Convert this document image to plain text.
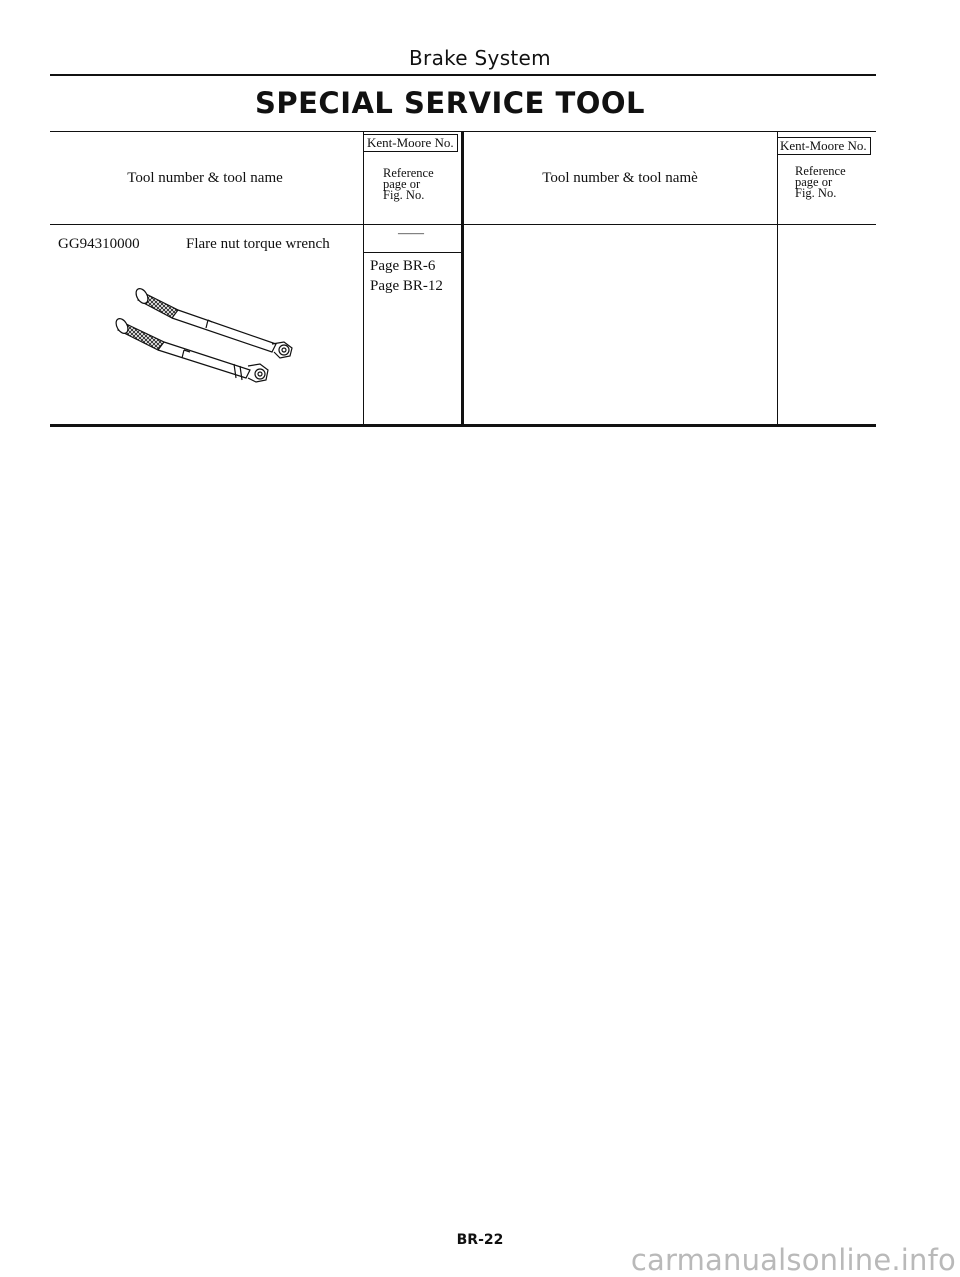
Brake System
SPECIAL SERVICE TOOL
Tool number & tool name
Kent-Moore No.
Reference
page or
Fig. No.
Tool number & tool namè
Kent-Moore No.
Reference
page or
Fig. No.
GG94310000	Flare nut torque wrench
——
Page BR-6
Page BR-12
BR-22
carmanualsonline.info
